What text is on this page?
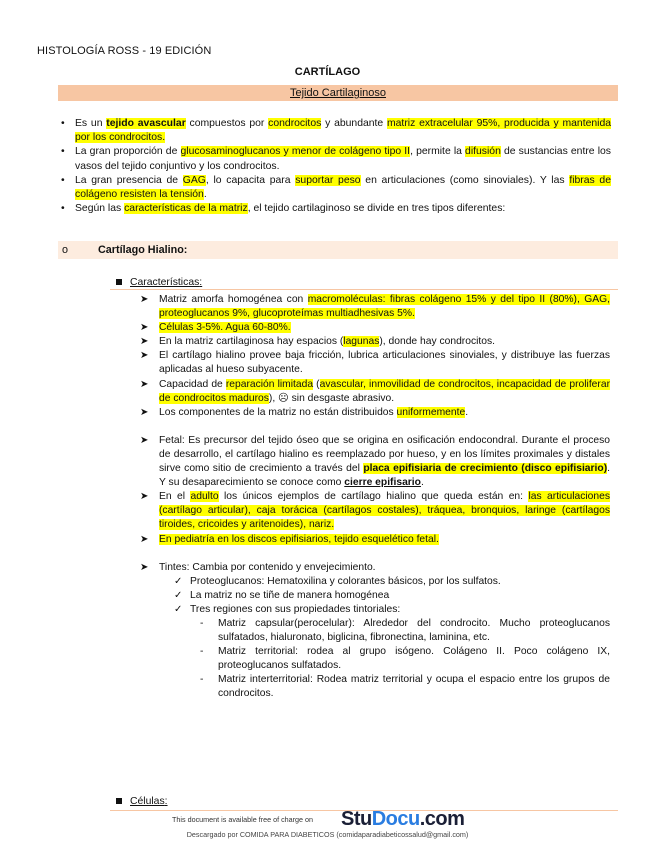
HISTOLOGÍA ROSS - 19 EDICIÓN
CARTÍLAGO
Tejido Cartilaginoso
• Es un tejido avascular compuestos por condrocitos y abundante matriz extracelular 95%, producida y mantenida por los condrocitos.
• La gran proporción de glucosaminoglucanos y menor de colágeno tipo II, permite la difusión de sustancias entre los vasos del tejido conjuntivo y los condrocitos.
• La gran presencia de GAG, lo capacita para suportar peso en articulaciones (como sinoviales). Y las fibras de colágeno resisten la tensión.
• Según las características de la matriz, el tejido cartilaginoso se divide en tres tipos diferentes:
o	Cartílago Hialino:
Características:
➤ Matriz amorfa homogénea con macromoléculas: fibras colágeno 15% y del tipo II (80%), GAG, proteoglucanos 9%, glucoproteímas multiadhesivas 5%.
➤ Células 3-5%. Agua 60-80%.
➤ En la matriz cartilaginosa hay espacios (lagunas), donde hay condrocitos.
➤ El cartílago hialino provee baja fricción, lubrica articulaciones sinoviales, y distribuye las fuerzas aplicadas al hueso subyacente.
➤ Capacidad de reparación limitada (avascular, inmovilidad de condrocitos, incapacidad de proliferar de condrocitos maduros), ☹ sin desgaste abrasivo.
➤ Los componentes de la matriz no están distribuidos uniformemente.
➤ Fetal: Es precursor del tejido óseo que se origina en osificación endocondral. Durante el proceso de desarrollo, el cartílago hialino es reemplazado por hueso, y en los límites proximales y distales sirve como sitio de crecimiento a través del placa epifisiaria de crecimiento (disco epifisiario). Y su desaparecimiento se conoce como cierre epifisario.
➤ En el adulto los únicos ejemplos de cartílago hialino que queda están en: las articulaciones (cartílago articular), caja torácica (cartílagos costales), tráquea, bronquios, laringe (cartílagos tiroides, cricoides y aritenoides), nariz.
➤ En pediatría en los discos epifisiarios, tejido esquelético fetal.
➤ Tintes: Cambia por contenido y envejecimiento.
✓ Proteoglucanos: Hematoxilina y colorantes básicos, por los sulfatos.
✓ La matriz no se tiñe de manera homogénea
✓ Tres regiones con sus propiedades tintoriales:
- Matriz capsular(perocelular): Alrededor del condrocito. Mucho proteoglucanos sulfatados, hialuronato, biglicina, fibronectina, laminina, etc.
- Matriz territorial: rodea al grupo isógeno. Colágeno II. Poco colágeno IX, proteoglucanos sulfatados.
- Matriz interterritorial: Rodea matriz territorial y ocupa el espacio entre los grupos de condrocitos.
Células:
This document is available free of charge on StuDocu.com
Descargado por COMIDA PARA DIABETICOS (comidaparadiabeticossalud@gmail.com)
